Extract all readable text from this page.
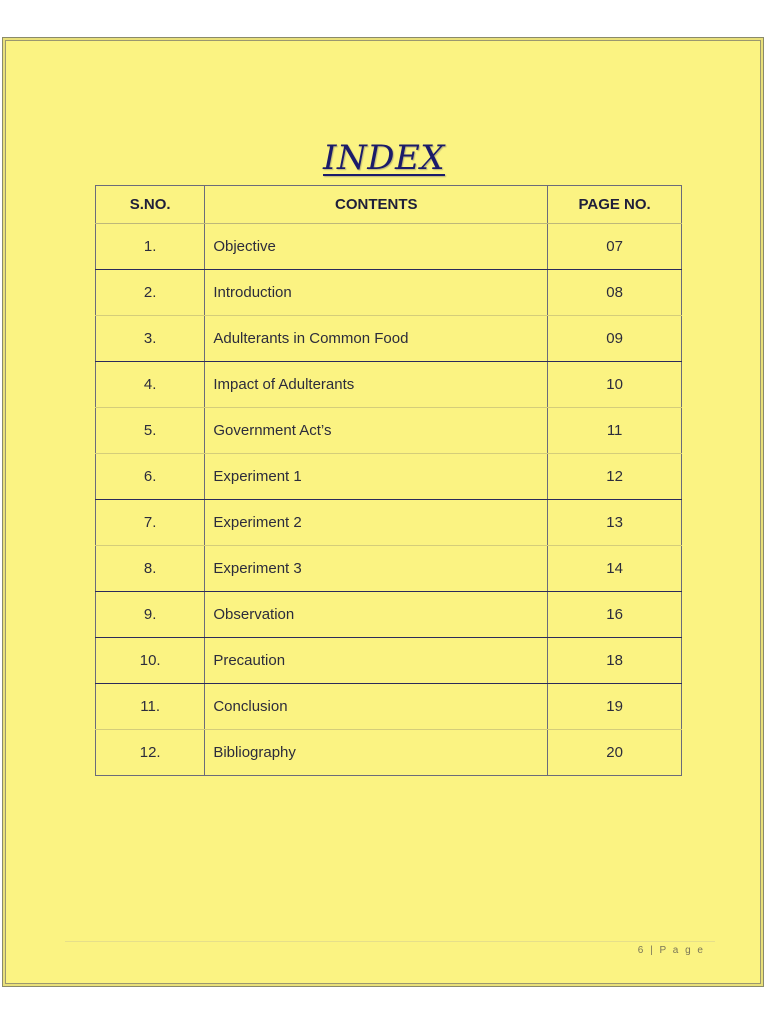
INDEX
S.NO.	CONTENTS	PAGE NO.
1.	Objective	07
2.	Introduction	08
3.	Adulterants in Common Food	09
4.	Impact of Adulterants	10
5.	Government Act’s	11
6.	Experiment 1	12
7.	Experiment 2	13
8.	Experiment 3	14
9.	Observation	16
10.	Precaution	18
11.	Conclusion	19
12.	Bibliography	20
6 | P a g e
